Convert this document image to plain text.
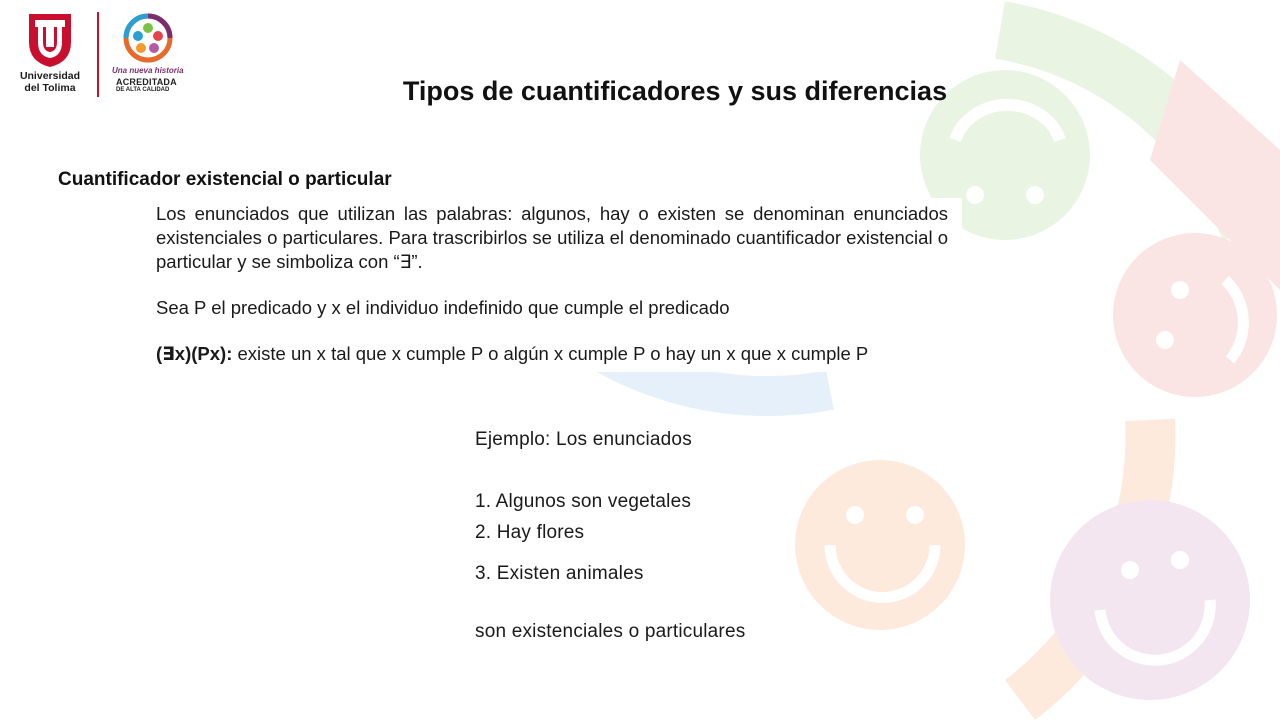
Universidad
del Tolima
Una nueva historia
ACREDITADA
DE ALTA CALIDAD	Tipos de cuantificadores y sus diferencias
Cuantificador existencial o particular
Los enunciados que utilizan las palabras: algunos, hay o existen se denominan enunciados existenciales o particulares. Para trascribirlos se utiliza el denominado cuantificador existencial o particular y se simboliza con “∃”.
Sea P el predicado y x el individuo indefinido que cumple el predicado
(∃x)(Px): existe un x tal que x cumple P o algún x cumple P o hay un x que x cumple P
Ejemplo: Los enunciados
1. Algunos son vegetales
2. Hay flores
3. Existen animales
son existenciales o particulares
